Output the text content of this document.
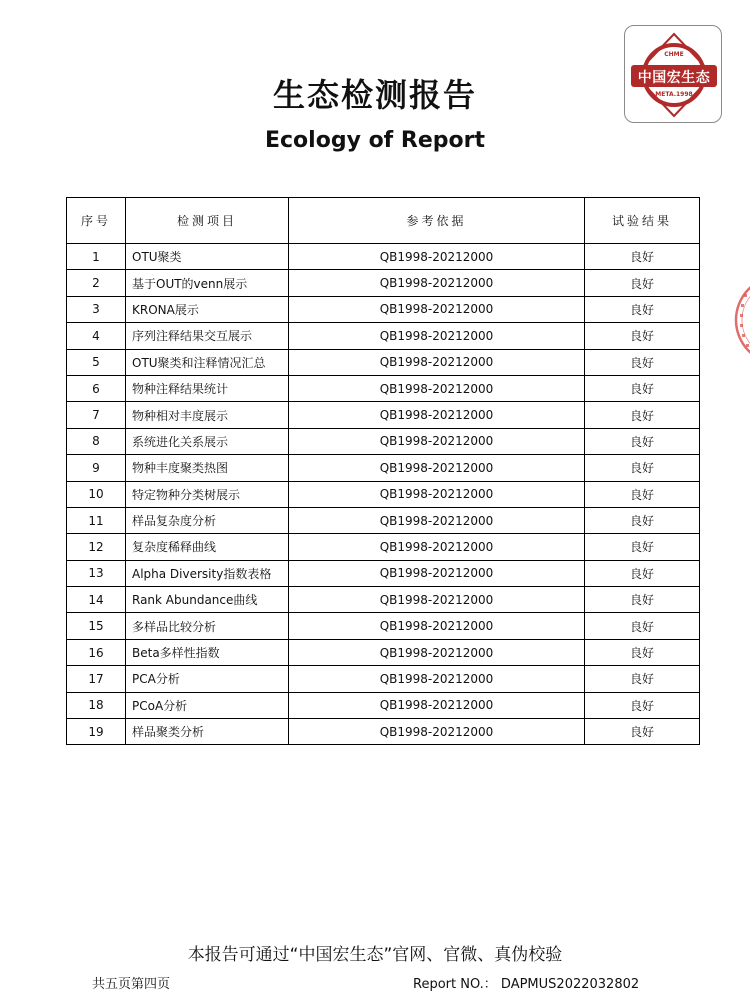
生态检测报告
Ecology of Report
CHME
中国宏生态
META.1998
序号	检测项目	参考依据	试验结果
1	OTU聚类	QB1998-20212000	良好
2	基于OUT的venn展示	QB1998-20212000	良好
3	KRONA展示	QB1998-20212000	良好
4	序列注释结果交互展示	QB1998-20212000	良好
5	OTU聚类和注释情况汇总	QB1998-20212000	良好
6	物种注释结果统计	QB1998-20212000	良好
7	物种相对丰度展示	QB1998-20212000	良好
8	系统进化关系展示	QB1998-20212000	良好
9	物种丰度聚类热图	QB1998-20212000	良好
10	特定物种分类树展示	QB1998-20212000	良好
11	样品复杂度分析	QB1998-20212000	良好
12	复杂度稀释曲线	QB1998-20212000	良好
13	Alpha Diversity指数表格	QB1998-20212000	良好
14	Rank Abundance曲线	QB1998-20212000	良好
15	多样品比较分析	QB1998-20212000	良好
16	Beta多样性指数	QB1998-20212000	良好
17	PCA分析	QB1998-20212000	良好
18	PCoA分析	QB1998-20212000	良好
19	样品聚类分析	QB1998-20212000	良好
本报告可通过“中国宏生态”官网、官微、真伪校验
共五页第四页	Report NO.： DAPMUS2022032802
